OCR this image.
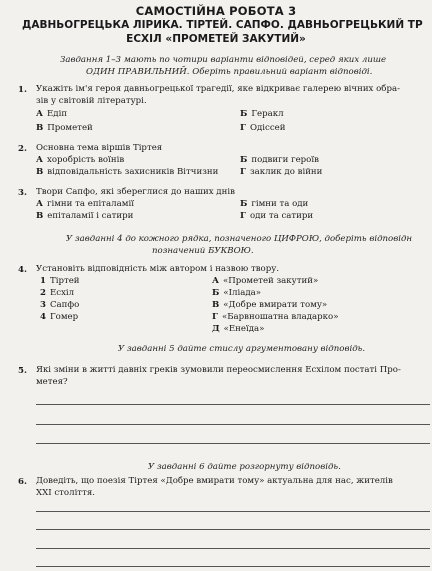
САМОСТІЙНА РОБОТА 3
ДАВНЬОГРЕЦЬКА ЛІРИКА. ТІРТЕЙ. САПФО. ДАВНЬОГРЕЦЬКИЙ ТР
ЕСХІЛ «ПРОМЕТЕЙ ЗАКУТИЙ»
Завдання 1–3 мають по чотири варіанти відповідей, серед яких лише
ОДИН ПРАВИЛЬНИЙ. Оберіть правильний варіант відповіді.
1. Укажіть ім'я героя давньогрецької трагедії, яке відкриває галерею вічних обра-
зів у світовій літературі.
А Едіп	Б Геракл
В Прометей	Г Одіссей
2. Основна тема віршів Тіртея
А хоробрість воїнів	Б подвиги героїв
В відповідальність захисників Вітчизни	Г заклик до війни
3. Твори Сапфо, які збереглися до наших днів
А гімни та епіталамії	Б гімни та оди
В епіталамії і сатири	Г оди та сатири
У завданні 4 до кожного рядка, позначеного ЦИФРОЮ, доберіть відповідн
позначений БУКВОЮ.
4. Установіть відповідність між автором і назвою твору.
1 Тіртей
2 Есхіл
3 Сапфо
4 Гомер
А «Прометей закутий»
Б «Іліада»
В «Добре вмирати тому»
Г «Барвношатна владарко»
Д «Енеїда»
У завданні 5 дайте стислу аргументовану відповідь.
5. Які зміни в житті давніх греків зумовили переосмислення Есхілом постаті Про-
метея?
У завданні 6 дайте розгорнуту відповідь.
6. Доведіть, що поезія Тіртея «Добре вмирати тому» актуальна для нас, жителів
XXI століття.
